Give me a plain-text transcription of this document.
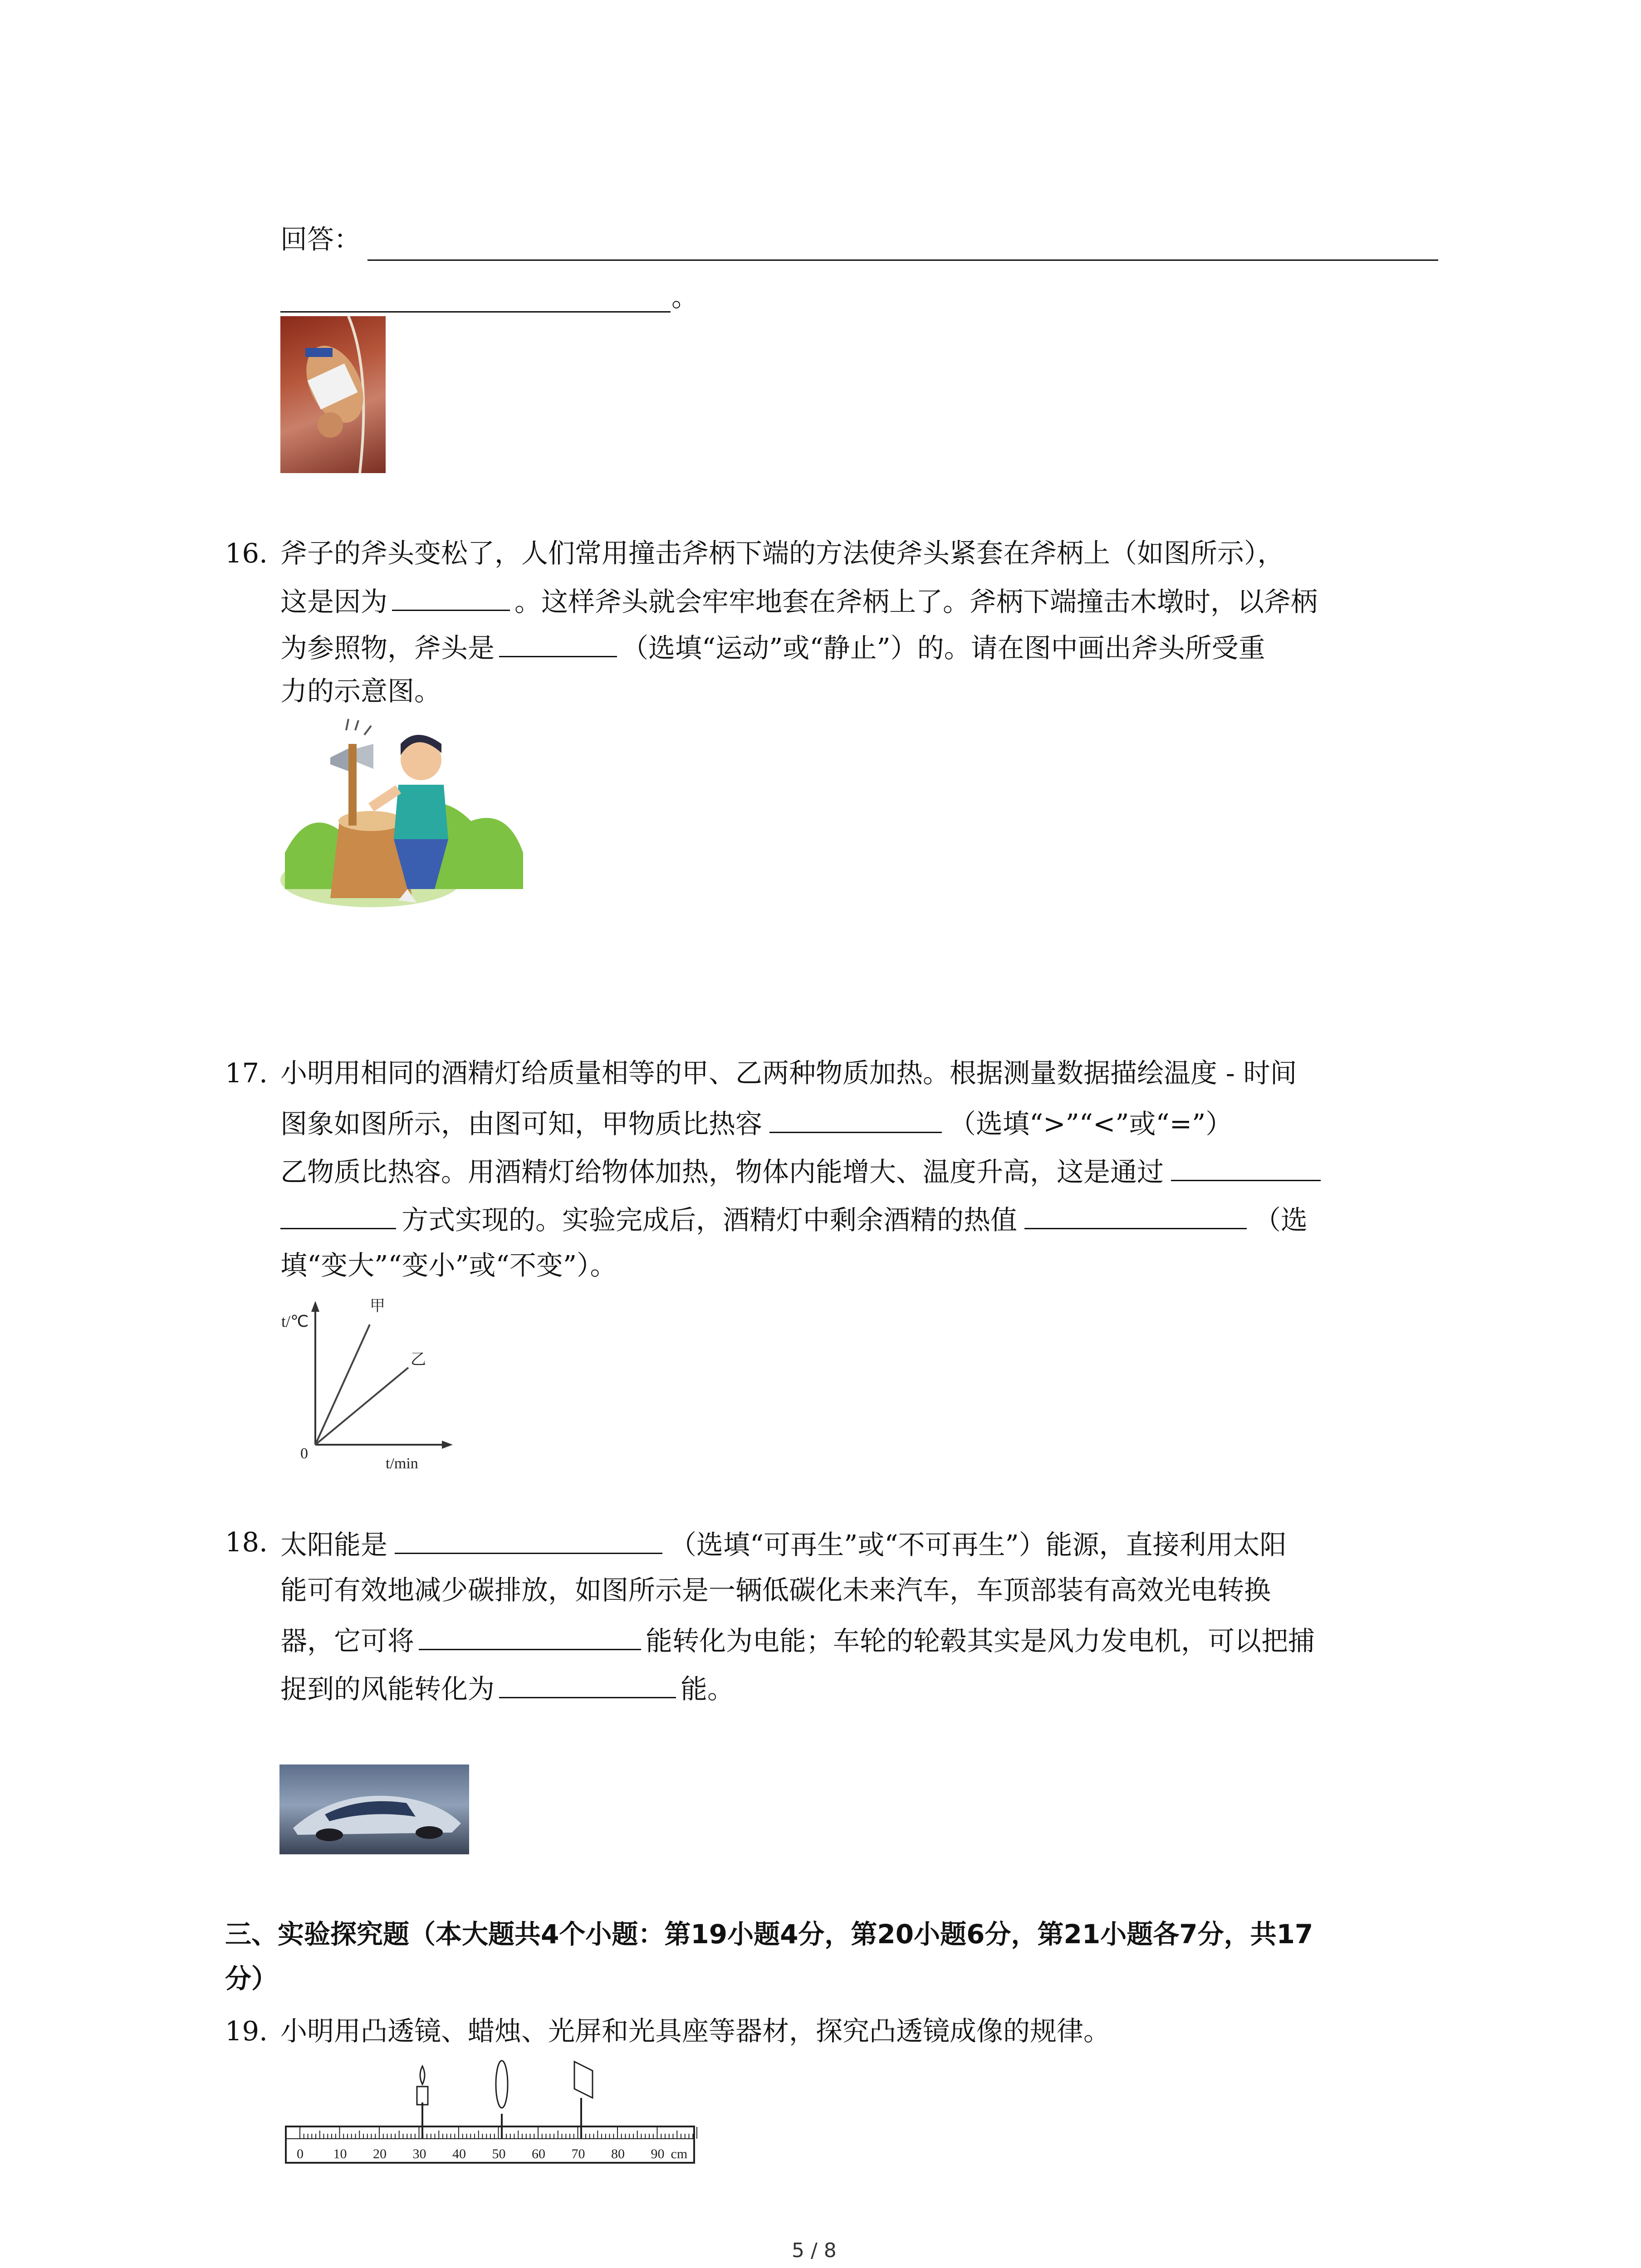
回答：
。
16. 斧子的斧头变松了，人们常用撞击斧柄下端的方法使斧头紧套在斧柄上（如图所示），
这是因为	。这样斧头就会牢牢地套在斧柄上了。斧柄下端撞击木墩时，以斧柄
为参照物，斧头是	（选填“运动”或“静止”）的。请在图中画出斧头所受重
力的示意图。
17. 小明用相同的酒精灯给质量相等的甲、乙两种物质加热。根据测量数据描绘温度 - 时间
图象如图所示，由图可知，甲物质比热容	（选填“>”“<”或“=”）
乙物质比热容。用酒精灯给物体加热，物体内能增大、温度升高，这是通过
方式实现的。实验完成后，酒精灯中剩余酒精的热值	（选
填“变大”“变小”或“不变”）。
t/℃
甲
乙
0
t/min
18. 太阳能是	（选填“可再生”或“不可再生”）能源，直接利用太阳
能可有效地减少碳排放，如图所示是一辆低碳化未来汽车，车顶部装有高效光电转换
器，它可将	能转化为电能；车轮的轮毂其实是风力发电机，可以把捕
捉到的风能转化为	能。
三、实验探究题（本大题共4个小题：第19小题4分，第20小题6分，第21小题各7分，共17
分）
19. 小明用凸透镜、蜡烛、光屏和光具座等器材，探究凸透镜成像的规律。
0 10 20 30 40 50 60 70 80 90 cm
5 / 8
